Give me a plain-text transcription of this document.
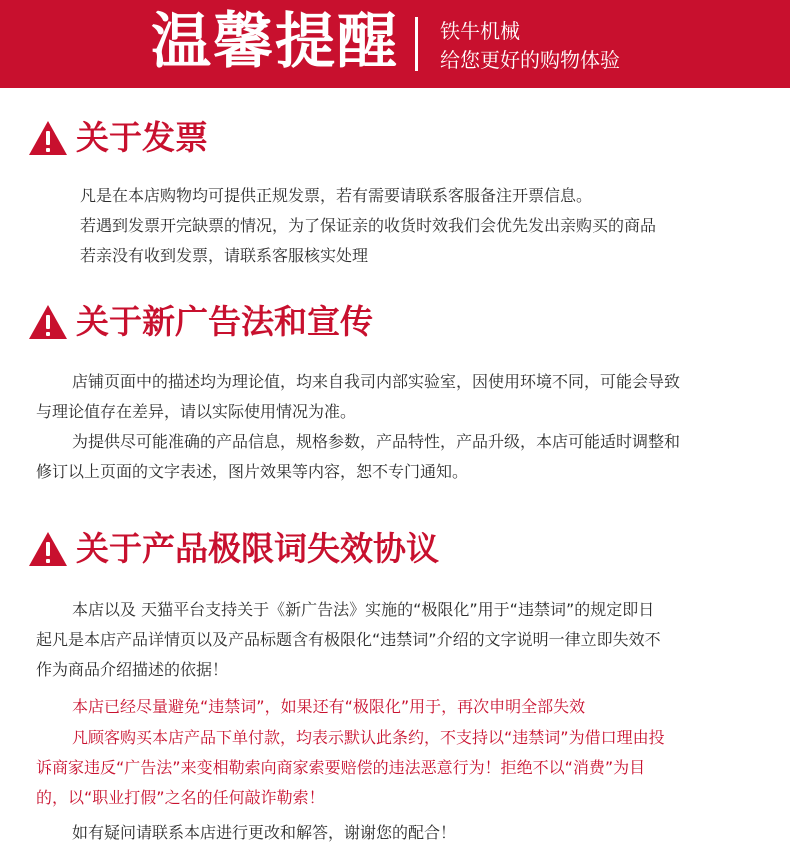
温馨提醒 铁牛机械
给您更好的购物体验
关于发票
凡是在本店购物均可提供正规发票，若有需要请联系客服备注开票信息。
若遇到发票开完缺票的情况，为了保证亲的收货时效我们会优先发出亲购买的商品
若亲没有收到发票，请联系客服核实处理
关于新广告法和宣传
店铺页面中的描述均为理论值，均来自我司内部实验室，因使用环境不同，可能会导致
与理论值存在差异，请以实际使用情况为准。
为提供尽可能准确的产品信息，规格参数，产品特性，产品升级，本店可能适时调整和
修订以上页面的文字表述，图片效果等内容，恕不专门通知。
关于产品极限词失效协议
本店以及 天猫平台支持关于《新广告法》实施的“极限化”用于“违禁词”的规定即日
起凡是本店产品详情页以及产品标题含有极限化“违禁词”介绍的文字说明一律立即失效不
作为商品介绍描述的依据！
本店已经尽量避免“违禁词”，如果还有“极限化”用于，再次申明全部失效
凡顾客购买本店产品下单付款，均表示默认此条约，不支持以“违禁词”为借口理由投
诉商家违反“广告法”来变相勒索向商家索要赔偿的违法恶意行为！拒绝不以“消费”为目
的，以“职业打假”之名的任何敲诈勒索！
如有疑问请联系本店进行更改和解答，谢谢您的配合！
